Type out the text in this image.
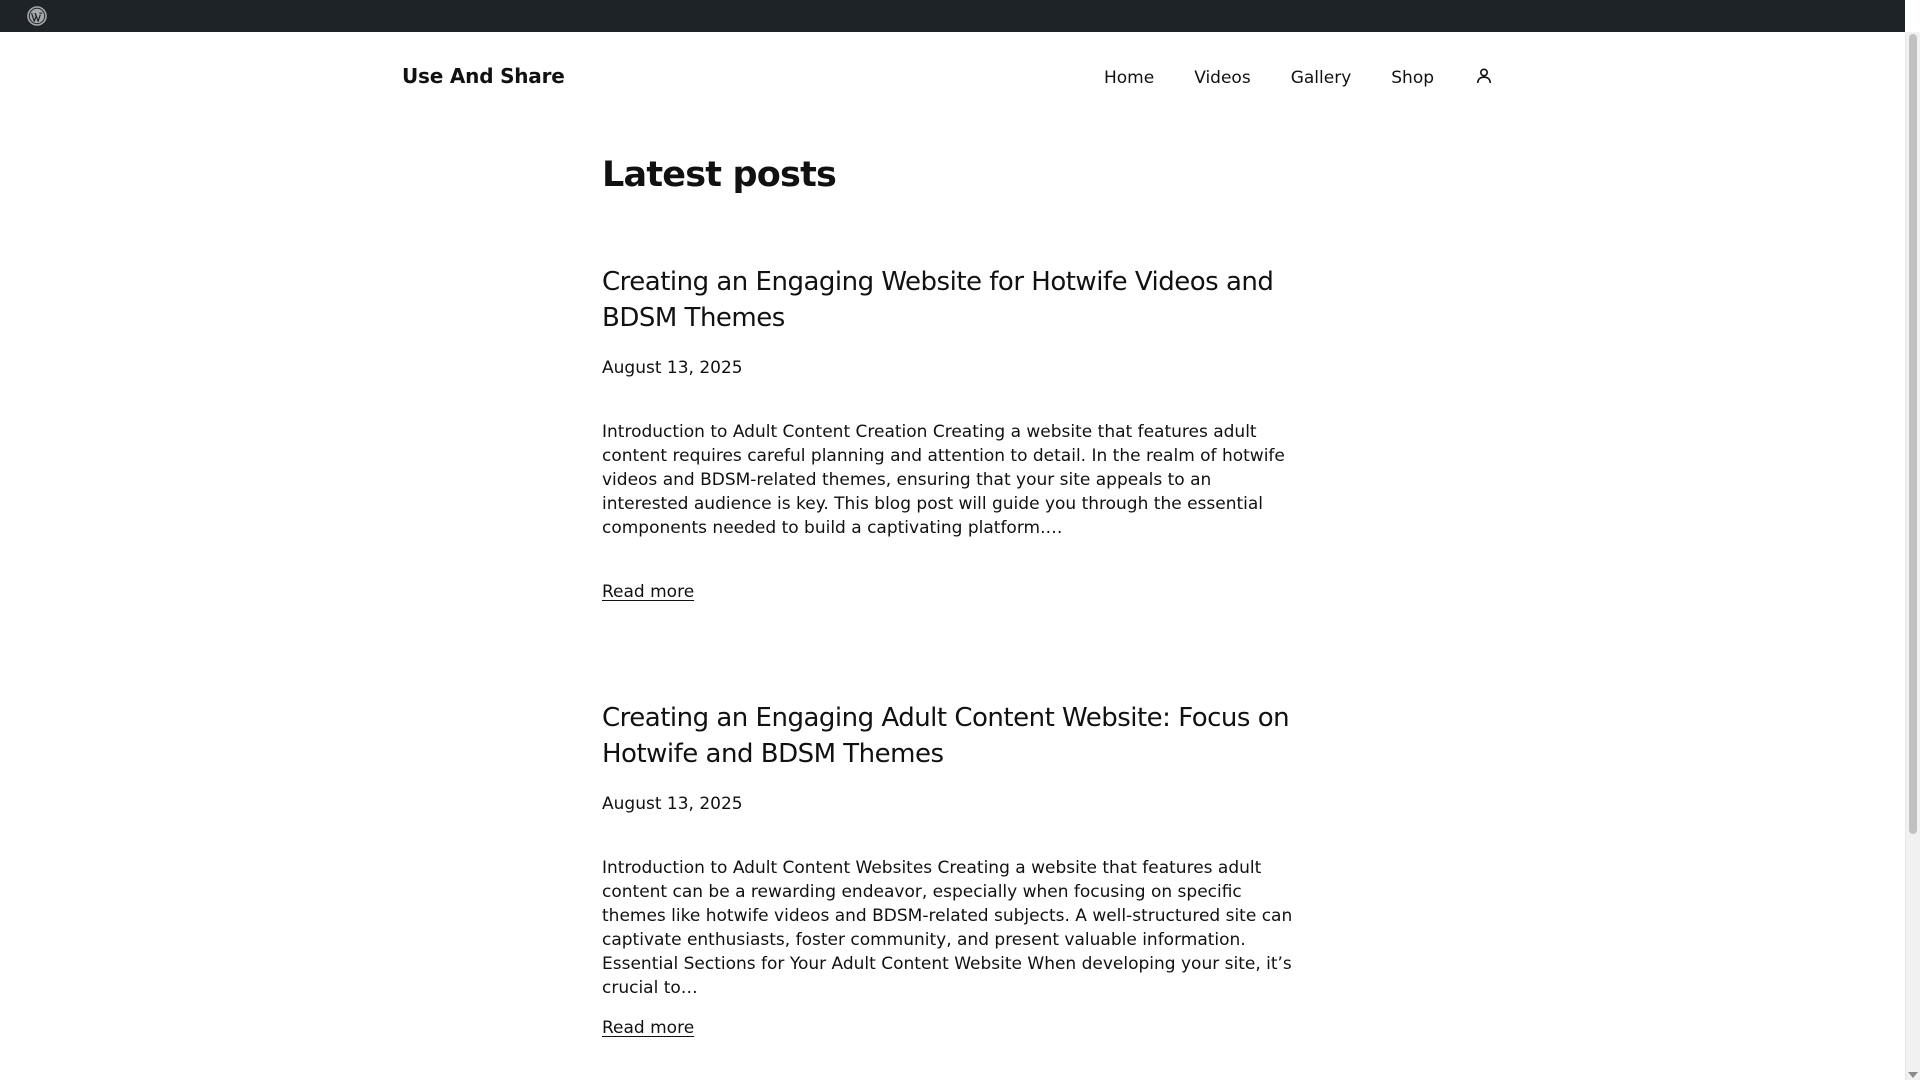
Use And Share	Home Videos Gallery Shop
Latest posts
Creating an Engaging Website for Hotwife Videos and BDSM Themes
August 13, 2025

Introduction to Adult Content Creation Creating a website that features adult content requires careful planning and attention to detail. In the realm of hotwife videos and BDSM-related themes, ensuring that your site appeals to an interested audience is key. This blog post will guide you through the essential components needed to build a captivating platform.…

Read more
Creating an Engaging Adult Content Website: Focus on Hotwife and BDSM Themes
August 13, 2025

Introduction to Adult Content Websites Creating a website that features adult content can be a rewarding endeavor, especially when focusing on specific themes like hotwife videos and BDSM-related subjects. A well-structured site can captivate enthusiasts, foster community, and present valuable information. Essential Sections for Your Adult Content Website When developing your site, it’s crucial to…

Read more
